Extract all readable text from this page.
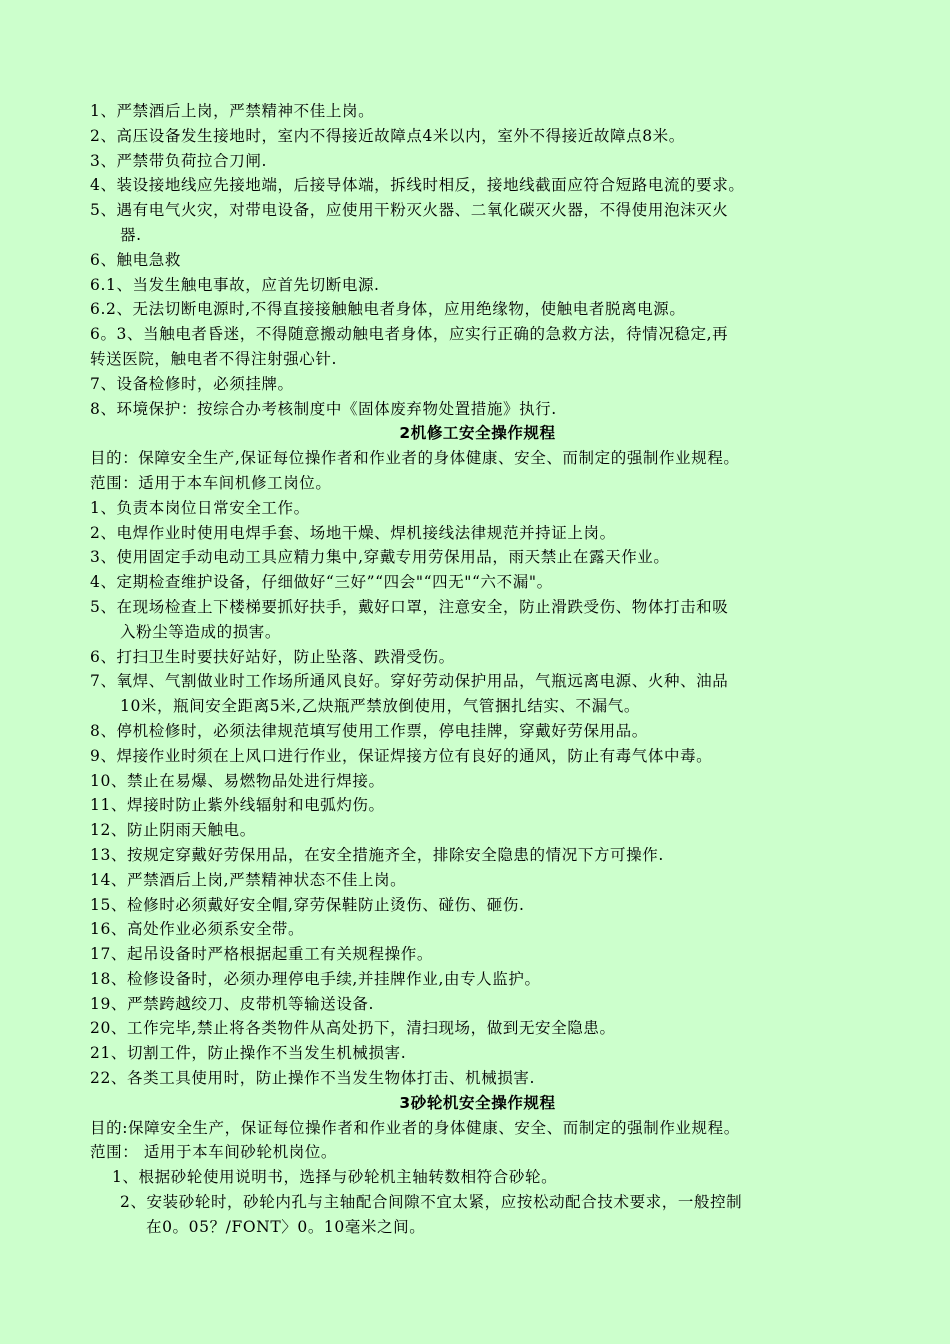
1、严禁酒后上岗，严禁精神不佳上岗。
2、高压设备发生接地时，室内不得接近故障点4米以内，室外不得接近故障点8米。
3、严禁带负荷拉合刀闸.
4、装设接地线应先接地端，后接导体端，拆线时相反，接地线截面应符合短路电流的要求。
5、遇有电气火灾，对带电设备，应使用干粉灭火器、二氧化碳灭火器，不得使用泡沫灭火
器.
6、触电急救
6.1、当发生触电事故，应首先切断电源.
6.2、无法切断电源时,不得直接接触触电者身体，应用绝缘物，使触电者脱离电源。
6。3、当触电者昏迷，不得随意搬动触电者身体，应实行正确的急救方法，待情况稳定,再
转送医院，触电者不得注射强心针.
7、设备检修时，必须挂牌。
8、环境保护：按综合办考核制度中《固体废弃物处置措施》执行.
2机修工安全操作规程
目的：保障安全生产,保证每位操作者和作业者的身体健康、安全、而制定的强制作业规程。
范围：适用于本车间机修工岗位。
1、负责本岗位日常安全工作。
2、电焊作业时使用电焊手套、场地干燥、焊机接线法律规范并持证上岗。
3、使用固定手动电动工具应精力集中,穿戴专用劳保用品，雨天禁止在露天作业。
4、定期检查维护设备，仔细做好“三好”“四会"“四无"“六不漏"。
5、在现场检查上下楼梯要抓好扶手，戴好口罩，注意安全，防止滑跌受伤、物体打击和吸
入粉尘等造成的损害。
6、打扫卫生时要扶好站好，防止坠落、跌滑受伤。
7、氧焊、气割做业时工作场所通风良好。穿好劳动保护用品，气瓶远离电源、火种、油品
10米，瓶间安全距离5米,乙炔瓶严禁放倒使用，气管捆扎结实、不漏气。
8、停机检修时，必须法律规范填写使用工作票，停电挂牌，穿戴好劳保用品。
9、焊接作业时须在上风口进行作业，保证焊接方位有良好的通风，防止有毒气体中毒。
10、禁止在易爆、易燃物品处进行焊接。
11、焊接时防止紫外线辐射和电弧灼伤。
12、防止阴雨天触电。
13、按规定穿戴好劳保用品，在安全措施齐全，排除安全隐患的情况下方可操作.
14、严禁酒后上岗,严禁精神状态不佳上岗。
15、检修时必须戴好安全帽,穿劳保鞋防止烫伤、碰伤、砸伤.
16、高处作业必须系安全带。
17、起吊设备时严格根据起重工有关规程操作。
18、检修设备时，必须办理停电手续,并挂牌作业,由专人监护。
19、严禁跨越绞刀、皮带机等输送设备.
20、工作完毕,禁止将各类物件从高处扔下，清扫现场，做到无安全隐患。
21、切割工件，防止操作不当发生机械损害.
22、各类工具使用时，防止操作不当发生物体打击、机械损害.
3砂轮机安全操作规程
目的:保障安全生产，保证每位操作者和作业者的身体健康、安全、而制定的强制作业规程。
范围： 适用于本车间砂轮机岗位。
1、根据砂轮使用说明书，选择与砂轮机主轴转数相符合砂轮。
2、安装砂轮时，砂轮内孔与主轴配合间隙不宜太紧，应按松动配合技术要求，一般控制
在0。05？/FONT〉0。10毫米之间。
